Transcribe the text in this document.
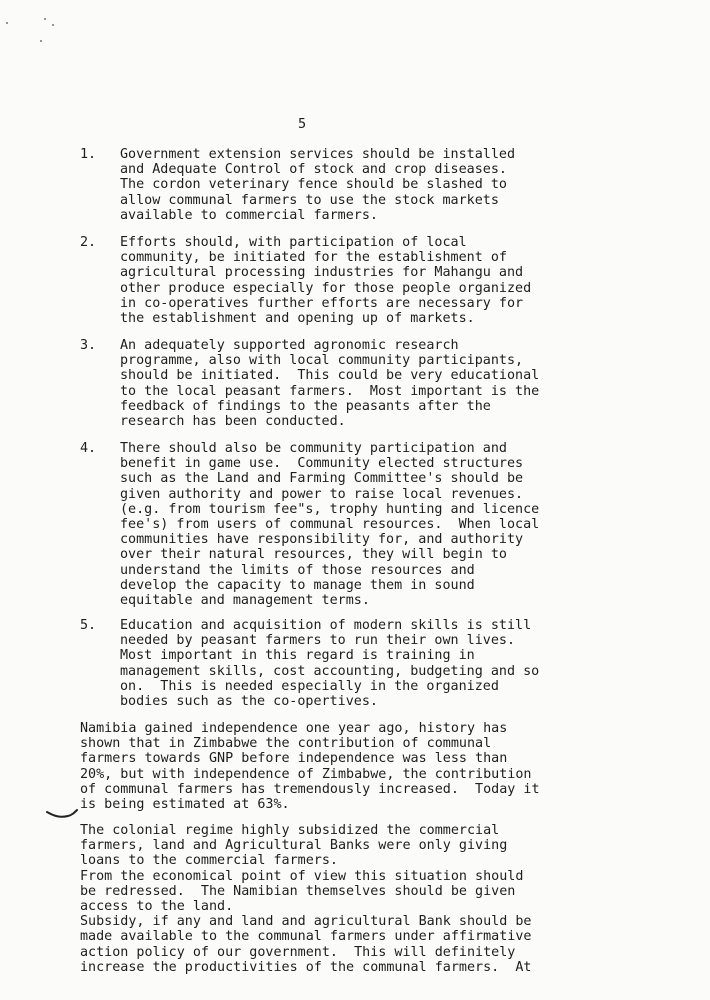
5
1. Government extension services should be installed
and Adequate Control of stock and crop diseases.
The cordon veterinary fence should be slashed to
allow communal farmers to use the stock markets
available to commercial farmers.
2. Efforts should, with participation of local
community, be initiated for the establishment of
agricultural processing industries for Mahangu and
other produce especially for those people organized
in co-operatives further efforts are necessary for
the establishment and opening up of markets.
3. An adequately supported agronomic research
programme, also with local community participants,
should be initiated.  This could be very educational
to the local peasant farmers.  Most important is the
feedback of findings to the peasants after the
research has been conducted.
4. There should also be community participation and
benefit in game use.  Community elected structures
such as the Land and Farming Committee's should be
given authority and power to raise local revenues.
(e.g. from tourism fee"s, trophy hunting and licence
fee's) from users of communal resources.  When local
communities have responsibility for, and authority
over their natural resources, they will begin to
understand the limits of those resources and
develop the capacity to manage them in sound
equitable and management terms.
5. Education and acquisition of modern skills is still
needed by peasant farmers to run their own lives.
Most important in this regard is training in
management skills, cost accounting, budgeting and so
on.  This is needed especially in the organized
bodies such as the co-opertives.
Namibia gained independence one year ago, history has
shown that in Zimbabwe the contribution of communal
farmers towards GNP before independence was less than
20%, but with independence of Zimbabwe, the contribution
of communal farmers has tremendously increased.  Today it
is being estimated at 63%.
The colonial regime highly subsidized the commercial
farmers, land and Agricultural Banks were only giving
loans to the commercial farmers.
From the economical point of view this situation should
be redressed.  The Namibian themselves should be given
access to the land.
Subsidy, if any and land and agricultural Bank should be
made available to the communal farmers under affirmative
action policy of our government.  This will definitely
increase the productivities of the communal farmers.  At
